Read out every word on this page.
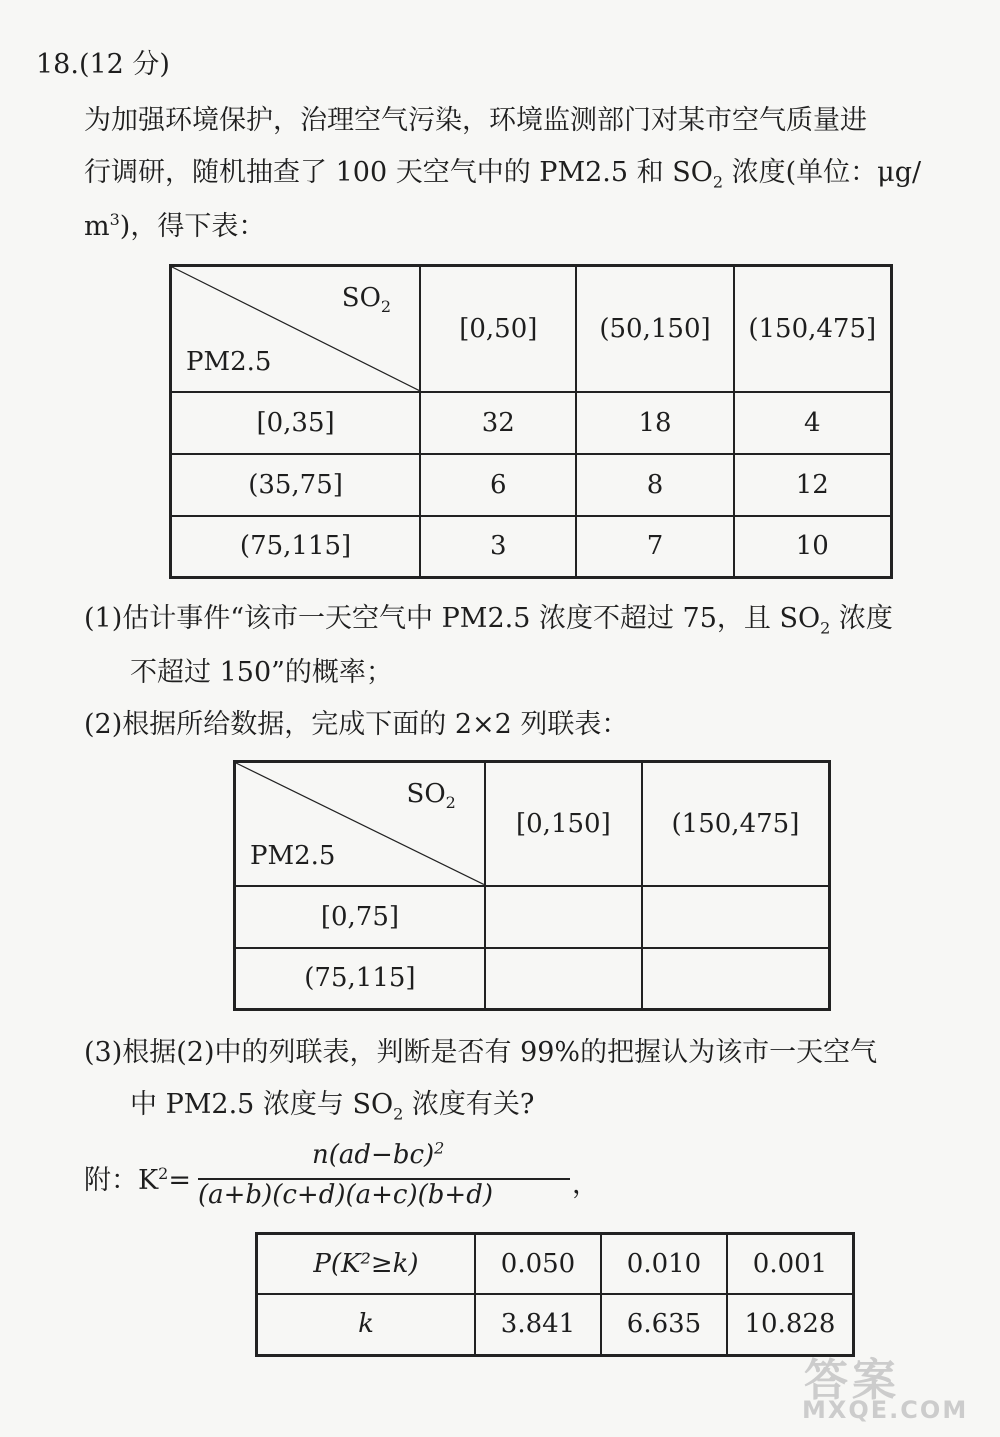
18.(12 分)
为加强环境保护，治理空气污染，环境监测部门对某市空气质量进
行调研，随机抽查了 100 天空气中的 PM2.5 和 $SO_2$ 浓度(单位：μg/
$m^3$)，得下表：
$SO_2$
PM2.5	[0,50]	(50,150]	(150,475]
[0,35]	32	18	4
(35,75]	6	8	12
(75,115]	3	7	10
(1)估计事件“该市一天空气中 PM2.5 浓度不超过 75，且 $SO_2$ 浓度
不超过 150”的概率；
(2)根据所给数据，完成下面的 2×2 列联表：
$SO_2$
PM2.5	[0,150]	(150,475]
[0,75]		
(75,115]		
(3)根据(2)中的列联表，判断是否有 99%的把握认为该市一天空气
中 PM2.5 浓度与 $SO_2$ 浓度有关?
附：$K^2=$
$n(ad-bc)^2$
(a+b)(c+d)(a+c)(b+d)	，
P(K²≥k)	0.050	0.010	0.001
k	3.841	6.635	10.828
答案
MXQE.COM
